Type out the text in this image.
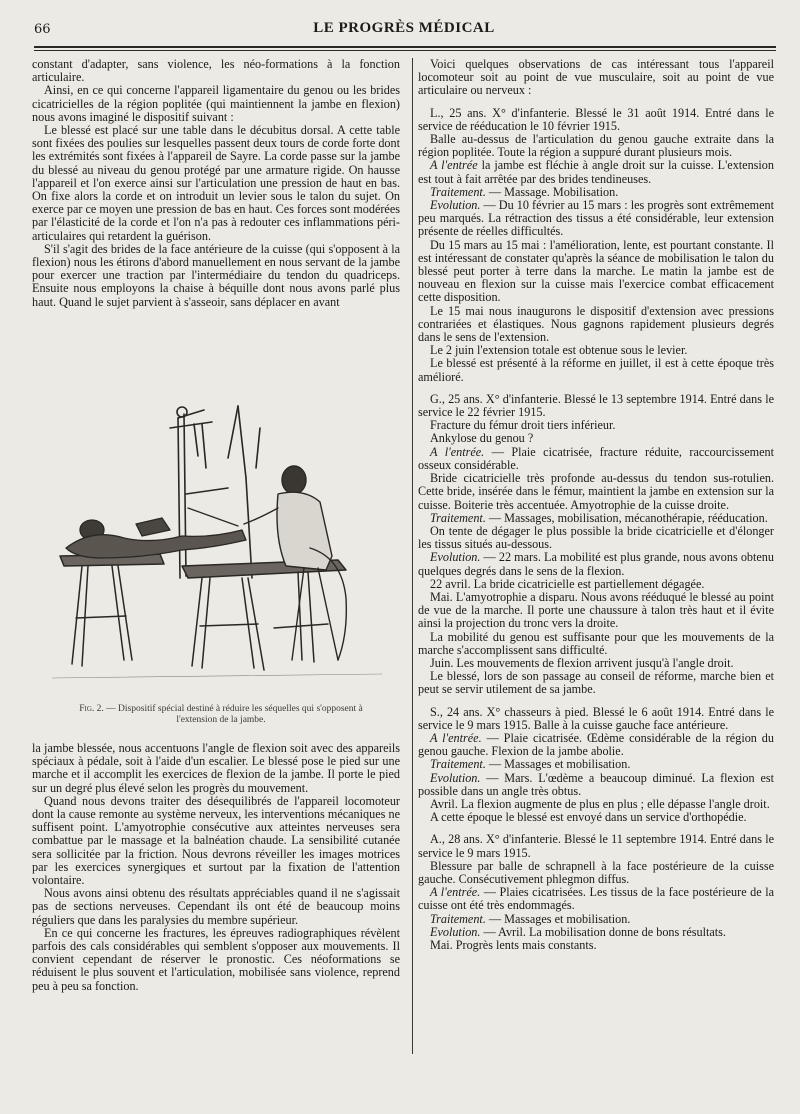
66	LE PROGRÈS MÉDICAL

constant d'adapter, sans violence, les néo-formations à la fonction articulaire.

Ainsi, en ce qui concerne l'appareil ligamentaire du genou ou les brides cicatricielles de la région poplitée (qui maintiennent la jambe en flexion) nous avons imaginé le dispositif suivant :

Le blessé est placé sur une table dans le décubitus dorsal. A cette table sont fixées des poulies sur lesquelles passent deux tours de corde forte dont les extrémités sont fixées à l'appareil de Sayre. La corde passe sur la jambe du blessé au niveau du genou protégé par une armature rigide. On hausse l'appareil et l'on exerce ainsi sur l'articulation une pression de haut en bas. On fixe alors la corde et on introduit un levier sous le talon du sujet. On exerce par ce moyen une pression de bas en haut. Ces forces sont modérées par l'élasticité de la corde et l'on n'a pas à redouter ces inflammations péri-articulaires qui retardent la guérison.

S'il s'agit des brides de la face antérieure de la cuisse (qui s'opposent à la flexion) nous les étirons d'abord manuellement en nous servant de la jambe pour exercer une traction par l'intermédiaire du tendon du quadriceps. Ensuite nous employons la chaise à béquille dont nous avons parlé plus haut. Quand le sujet parvient à s'asseoir, sans déplacer en avant

Fig. 2. — Dispositif spécial destiné à réduire les séquelles qui s'opposent à l'extension de la jambe.

la jambe blessée, nous accentuons l'angle de flexion soit avec des appareils spéciaux à pédale, soit à l'aide d'un escalier. Le blessé pose le pied sur une marche et il accomplit les exercices de flexion de la jambe. Il porte le pied sur un degré plus élevé selon les progrès du mouvement.

Quand nous devons traiter des désequilibrés de l'appareil locomoteur dont la cause remonte au système nerveux, les interventions mécaniques ne suffisent point. L'amyotrophie consécutive aux atteintes nerveuses sera combattue par le massage et la balnéation chaude. La sensibilité cutanée sera sollicitée par la friction. Nous devrons réveiller les images motrices par les exercices synergiques et surtout par la fixation de l'attention volontaire.

Nous avons ainsi obtenu des résultats appréciables quand il ne s'agissait pas de sections nerveuses. Cependant ils ont été de beaucoup moins réguliers que dans les paralysies du membre supérieur.

En ce qui concerne les fractures, les épreuves radiographiques révèlent parfois des cals considérables qui semblent s'opposer aux mouvements. Il convient cependant de réserver le pronostic. Ces néoformations se réduisent le plus souvent et l'articulation, mobilisée sans violence, reprend peu à peu sa fonction.

Voici quelques observations de cas intéressant tous l'appareil locomoteur soit au point de vue musculaire, soit au point de vue articulaire ou nerveux :

L., 25 ans. X° d'infanterie. Blessé le 31 août 1914. Entré dans le service de rééducation le 10 février 1915.

Balle au-dessus de l'articulation du genou gauche extraite dans la région poplitée. Toute la région a suppuré durant plusieurs mois.

A l'entrée la jambe est fléchie à angle droit sur la cuisse. L'extension est tout à fait arrêtée par des brides tendineuses.

Traitement. — Massage. Mobilisation.

Evolution. — Du 10 février au 15 mars : les progrès sont extrêmement peu marqués. La rétraction des tissus a été considérable, leur extension présente de réelles difficultés.

Du 15 mars au 15 mai : l'amélioration, lente, est pourtant constante. Il est intéressant de constater qu'après la séance de mobilisation le talon du blessé peut porter à terre dans la marche. Le matin la jambe est de nouveau en flexion sur la cuisse mais l'exercice combat efficacement cette disposition.

Le 15 mai nous inaugurons le dispositif d'extension avec pressions contrariées et élastiques. Nous gagnons rapidement plusieurs degrés dans le sens de l'extension.

Le 2 juin l'extension totale est obtenue sous le levier.

Le blessé est présenté à la réforme en juillet, il est à cette époque très amélioré.

G., 25 ans. X° d'infanterie. Blessé le 13 septembre 1914. Entré dans le service le 22 février 1915.

Fracture du fémur droit tiers inférieur.

Ankylose du genou ?

A l'entrée. — Plaie cicatrisée, fracture réduite, raccourcissement osseux considérable.

Bride cicatricielle très profonde au-dessus du tendon sus-rotulien. Cette bride, insérée dans le fémur, maintient la jambe en extension sur la cuisse. Boiterie très accentuée. Amyotrophie de la cuisse droite.

Traitement. — Massages, mobilisation, mécanothérapie, rééducation.

On tente de dégager le plus possible la bride cicatricielle et d'élonger les tissus situés au-dessous.

Evolution. — 22 mars. La mobilité est plus grande, nous avons obtenu quelques degrés dans le sens de la flexion.

22 avril. La bride cicatricielle est partiellement dégagée.

Mai. L'amyotrophie a disparu. Nous avons rééduqué le blessé au point de vue de la marche. Il porte une chaussure à talon très haut et il évite ainsi la projection du tronc vers la droite.

La mobilité du genou est suffisante pour que les mouvements de la marche s'accomplissent sans difficulté.

Juin. Les mouvements de flexion arrivent jusqu'à l'angle droit.

Le blessé, lors de son passage au conseil de réforme, marche bien et peut se servir utilement de sa jambe.

S., 24 ans. X° chasseurs à pied. Blessé le 6 août 1914. Entré dans le service le 9 mars 1915. Balle à la cuisse gauche face antérieure.

A l'entrée. — Plaie cicatrisée. Œdème considérable de la région du genou gauche. Flexion de la jambe abolie.

Traitement. — Massages et mobilisation.

Evolution. — Mars. L'œdème a beaucoup diminué. La flexion est possible dans un angle très obtus.

Avril. La flexion augmente de plus en plus ; elle dépasse l'angle droit.

A cette époque le blessé est envoyé dans un service d'orthopédie.

A., 28 ans. X° d'infanterie. Blessé le 11 septembre 1914. Entré dans le service le 9 mars 1915.

Blessure par balle de schrapnell à la face postérieure de la cuisse gauche. Consécutivement phlegmon diffus.

A l'entrée. — Plaies cicatrisées. Les tissus de la face postérieure de la cuisse ont été très endommagés.

Traitement. — Massages et mobilisation.

Evolution. — Avril. La mobilisation donne de bons résultats.

Mai. Progrès lents mais constants.
